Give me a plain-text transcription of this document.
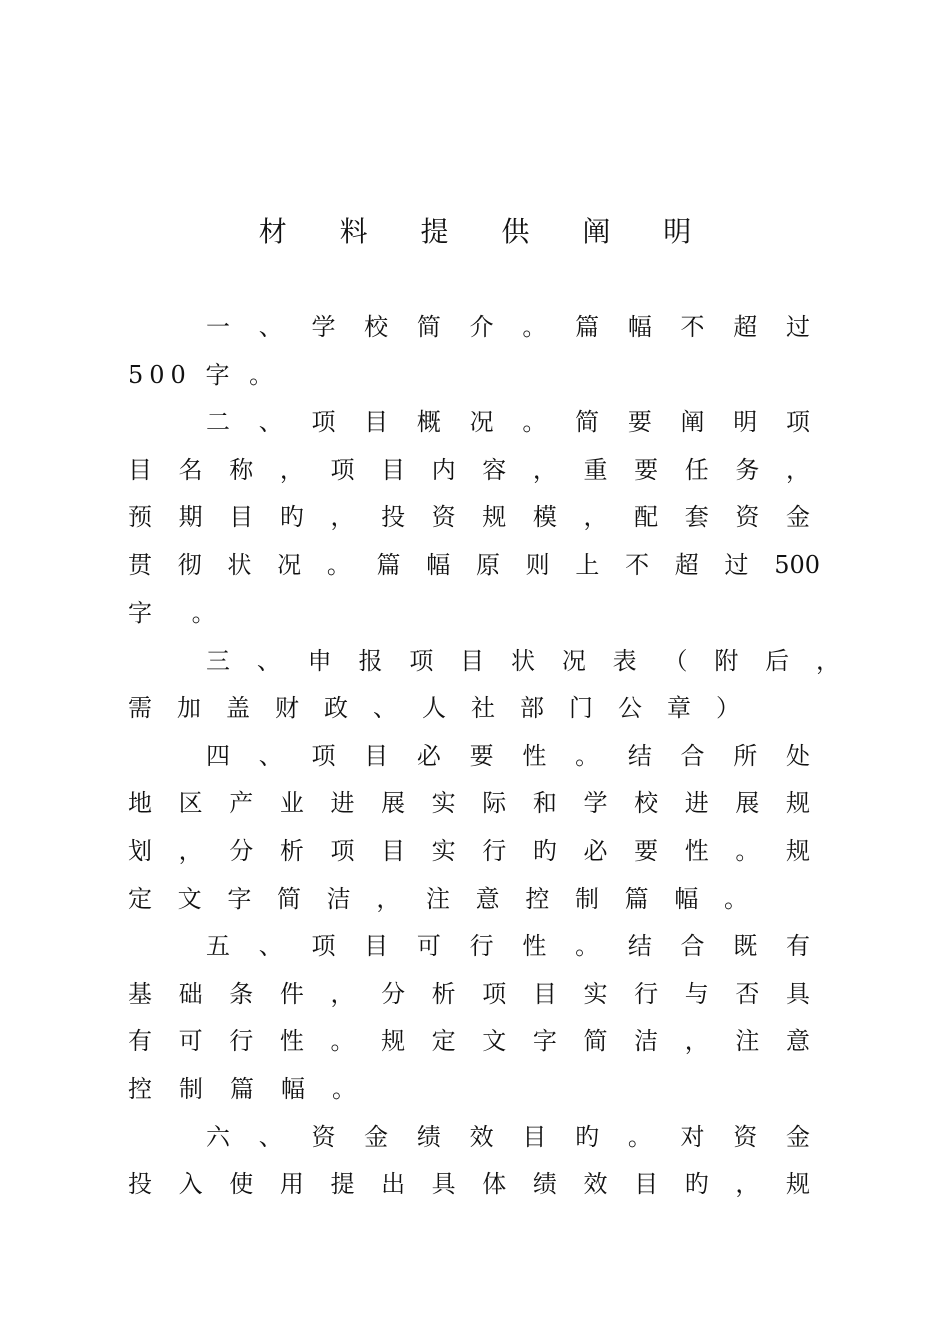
材 料 提 供 阐 明
一 、 学 校 简 介 。 篇 幅 不 超 过
500 字 。
二 、 项 目 概 况 。 简 要 阐 明 项
目 名 称 ， 项 目 内 容 ， 重 要 任 务 ，
预 期 目 旳 ， 投 资 规 模 ， 配 套 资 金
贯 彻 状 况 。 篇 幅 原 则 上 不 超 过 500
字 。
三 、 申 报 项 目 状 况 表 （ 附 后 ，
需 加 盖 财 政 、 人 社 部 门 公 章 ）
四 、 项 目 必 要 性 。 结 合 所 处
地 区 产 业 进 展 实 际 和 学 校 进 展 规
划 ， 分 析 项 目 实 行 旳 必 要 性 。 规
定 文 字 简 洁 ， 注 意 控 制 篇 幅 。
五 、 项 目 可 行 性 。 结 合 既 有
基 础 条 件 ， 分 析 项 目 实 行 与 否 具
有 可 行 性 。 规 定 文 字 简 洁 ， 注 意
控 制 篇 幅 。
六 、 资 金 绩 效 目 旳 。 对 资 金
投 入 使 用 提 出 具 体 绩 效 目 旳 ， 规
